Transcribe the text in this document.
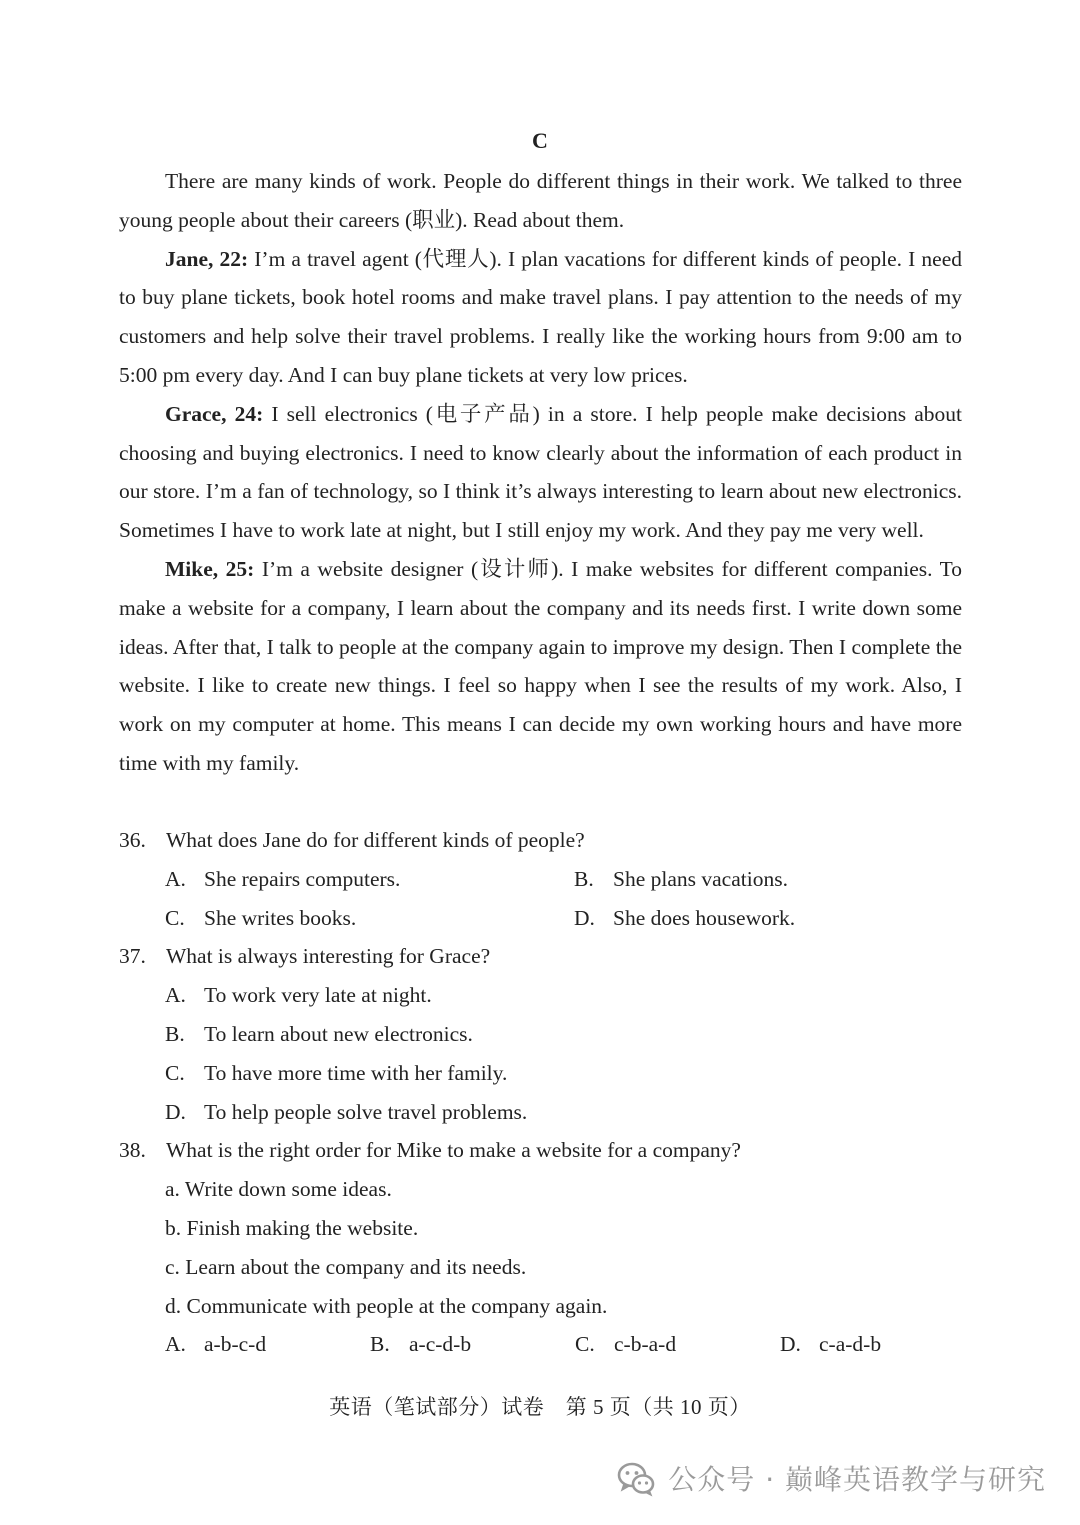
C

There are many kinds of work. People do different things in their work. We talked to three young people about their careers (职业). Read about them.

Jane, 22: I’m a travel agent (代理人). I plan vacations for different kinds of people. I need to buy plane tickets, book hotel rooms and make travel plans. I pay attention to the needs of my customers and help solve their travel problems. I really like the working hours from 9:00 am to 5:00 pm every day. And I can buy plane tickets at very low prices.

Grace, 24: I sell electronics (电子产品) in a store. I help people make decisions about choosing and buying electronics. I need to know clearly about the information of each product in our store. I’m a fan of technology, so I think it’s always interesting to learn about new electronics. Sometimes I have to work late at night, but I still enjoy my work. And they pay me very well.

Mike, 25: I’m a website designer (设计师). I make websites for different companies. To make a website for a company, I learn about the company and its needs first. I write down some ideas. After that, I talk to people at the company again to improve my design. Then I complete the website. I like to create new things. I feel so happy when I see the results of my work. Also, I work on my computer at home. This means I can decide my own working hours and have more time with my family.

36. What does Jane do for different kinds of people?
A. She repairs computers.	B. She plans vacations.
C. She writes books.	D. She does housework.
37. What is always interesting for Grace?
A. To work very late at night.
B. To learn about new electronics.
C. To have more time with her family.
D. To help people solve travel problems.
38. What is the right order for Mike to make a website for a company?
a. Write down some ideas.
b. Finish making the website.
c. Learn about the company and its needs.
d. Communicate with people at the company again.
A. a-b-c-d	B. a-c-d-b	C. c-b-a-d	D. c-a-d-b
英语（笔试部分）试卷　第 5 页（共 10 页）
公众号 · 巅峰英语教学与研究
